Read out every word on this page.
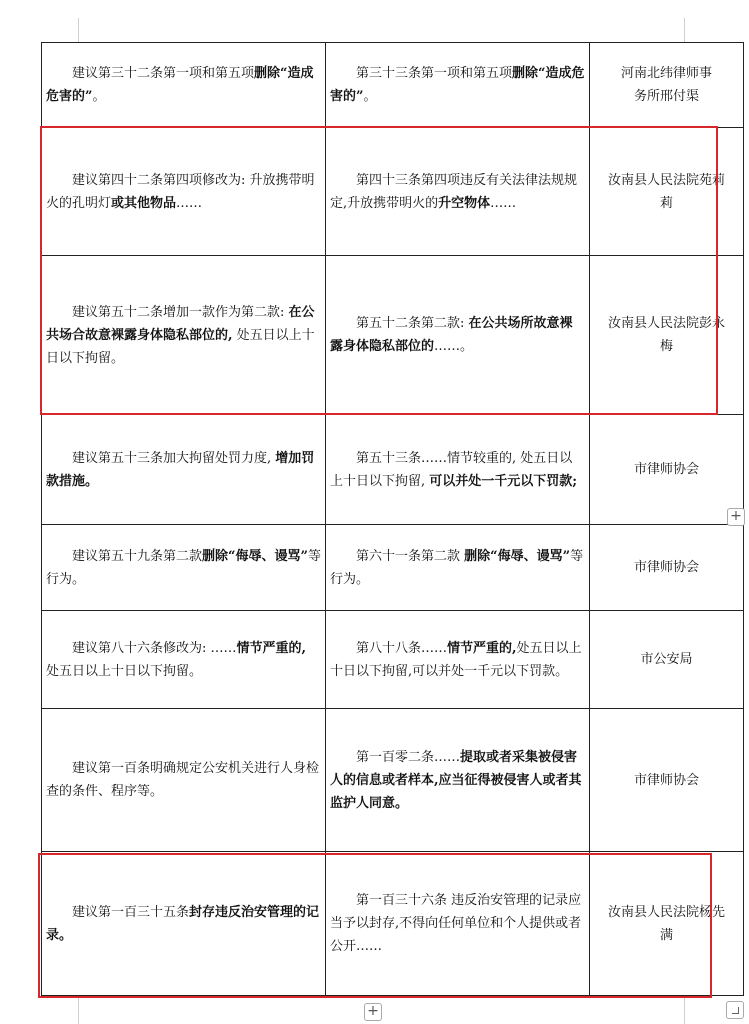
建议第三十二条第一项和第五项删除“造成危害的”。	第三十三条第一项和第五项删除“造成危害的”。	河南北纬律师事务所邢付渠

建议第四十二条第四项修改为: 升放携带明火的孔明灯或其他物品……	第四十三条第四项违反有关法律法规规定,升放携带明火的升空物体……	汝南县人民法院苑莉莉

建议第五十二条增加一款作为第二款: 在公共场合故意裸露身体隐私部位的, 处五日以上十日以下拘留。	第五十二条第二款: 在公共场所故意裸露身体隐私部位的……。	汝南县人民法院彭永梅

建议第五十三条加大拘留处罚力度, 增加罚款措施。	第五十三条……情节较重的, 处五日以上十日以下拘留, 可以并处一千元以下罚款;	市律师协会

建议第五十九条第二款删除“侮辱、谩骂”等行为。	第六十一条第二款 删除“侮辱、谩骂”等行为。	市律师协会

建议第八十六条修改为: ……情节严重的, 处五日以上十日以下拘留。	第八十八条……情节严重的,处五日以上十日以下拘留,可以并处一千元以下罚款。	市公安局

建议第一百条明确规定公安机关进行人身检查的条件、程序等。	第一百零二条……提取或者采集被侵害人的信息或者样本,应当征得被侵害人或者其监护人同意。	市律师协会

建议第一百三十五条封存违反治安管理的记录。	第一百三十六条 违反治安管理的记录应当予以封存,不得向任何单位和个人提供或者公开……	汝南县人民法院杨先满
+
+
